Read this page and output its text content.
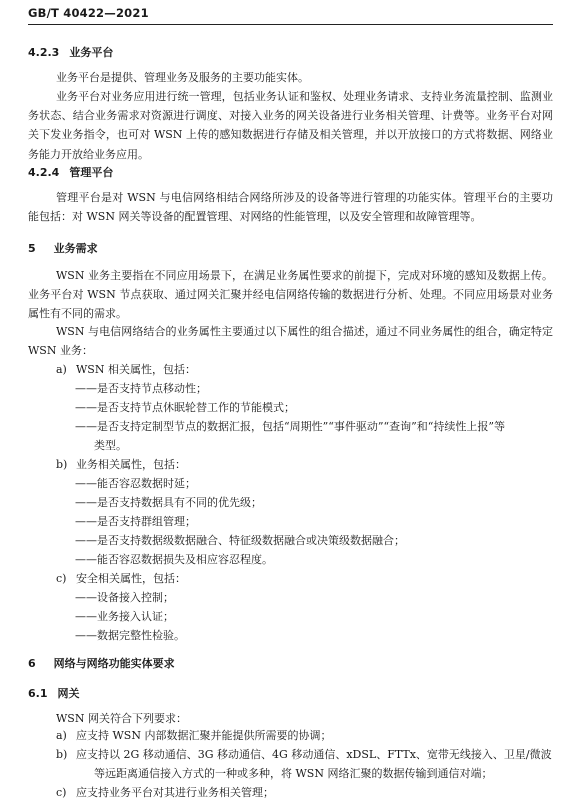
GB/T 40422—2021
4.2.3 业务平台
业务平台是提供、管理业务及服务的主要功能实体。
业务平台对业务应用进行统一管理，包括业务认证和鉴权、处理业务请求、支持业务流量控制、监测业务状态、结合业务需求对资源进行调度、对接入业务的网关设备进行业务相关管理、计费等。业务平台对网关下发业务指令，也可对 WSN 上传的感知数据进行存储及相关管理，并以开放接口的方式将数据、网络业务能力开放给业务应用。
4.2.4 管理平台
管理平台是对 WSN 与电信网络相结合网络所涉及的设备等进行管理的功能实体。管理平台的主要功能包括：对 WSN 网关等设备的配置管理、对网络的性能管理，以及安全管理和故障管理等。
5 业务需求
WSN 业务主要指在不同应用场景下，在满足业务属性要求的前提下，完成对环境的感知及数据上传。业务平台对 WSN 节点获取、通过网关汇聚并经电信网络传输的数据进行分析、处理。不同应用场景对业务属性有不同的需求。
WSN 与电信网络结合的业务属性主要通过以下属性的组合描述，通过不同业务属性的组合，确定特定 WSN 业务：
a) WSN 相关属性，包括：
——是否支持节点移动性；
——是否支持节点休眠轮替工作的节能模式；
——是否支持定制型节点的数据汇报，包括“周期性”“事件驱动”“查询”和“持续性上报”等
类型。
b) 业务相关属性，包括：
——能否容忍数据时延；
——是否支持数据具有不同的优先级；
——是否支持群组管理；
——是否支持数据级数据融合、特征级数据融合或决策级数据融合；
——能否容忍数据损失及相应容忍程度。
c) 安全相关属性，包括：
——设备接入控制；
——业务接入认证；
——数据完整性检验。
6 网络与网络功能实体要求
6.1 网关
WSN 网关符合下列要求：
a) 应支持 WSN 内部数据汇聚并能提供所需要的协调；
b) 应支持以 2G 移动通信、3G 移动通信、4G 移动通信、xDSL、FTTx、宽带无线接入、卫星/微波
等远距离通信接入方式的一种或多种，将 WSN 网络汇聚的数据传输到通信对端；
c) 应支持业务平台对其进行业务相关管理；
